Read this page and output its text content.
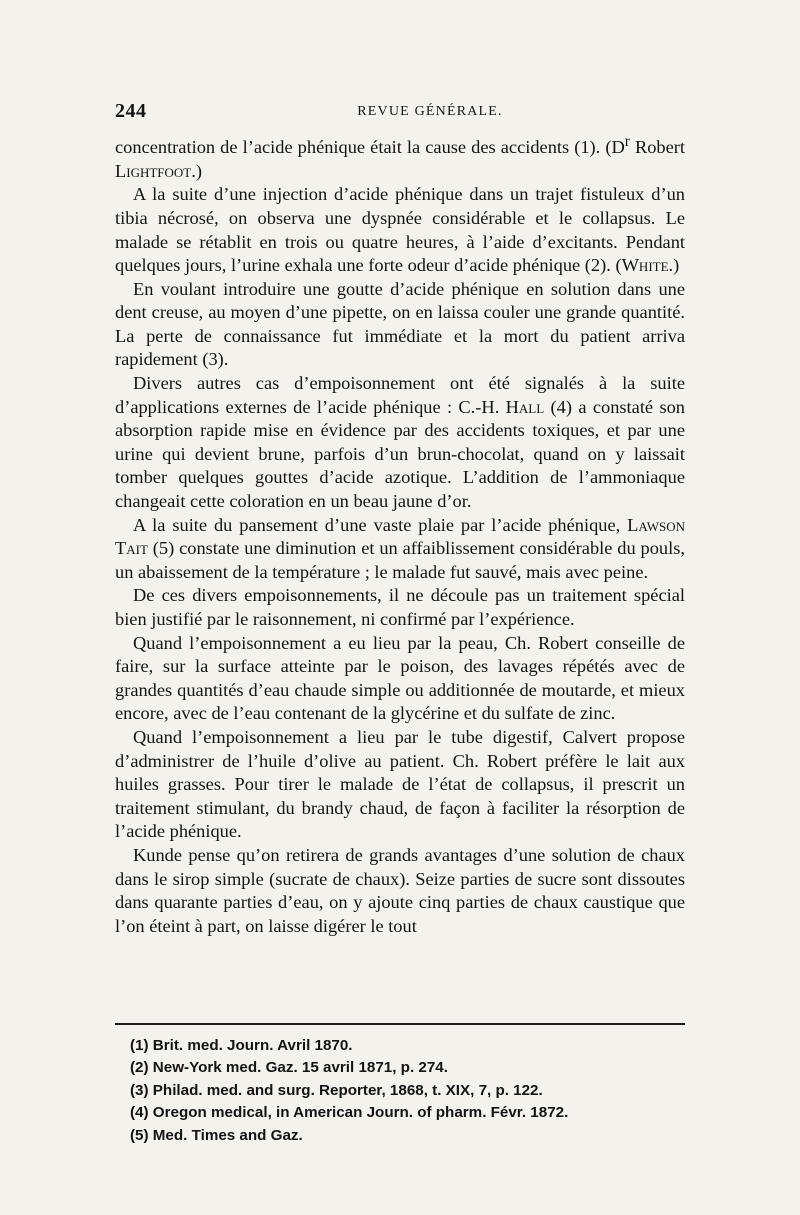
244	REVUE GÉNÉRALE.

concentration de l’acide phénique était la cause des accidents (1). ($D^r$ Robert Lightfoot.)

A la suite d’une injection d’acide phénique dans un trajet fistuleux d’un tibia nécrosé, on observa une dyspnée considérable et le collapsus. Le malade se rétablit en trois ou quatre heures, à l’aide d’excitants. Pendant quelques jours, l’urine exhala une forte odeur d’acide phénique (2). (White.)

En voulant introduire une goutte d’acide phénique en solution dans une dent creuse, au moyen d’une pipette, on en laissa couler une grande quantité. La perte de connaissance fut immédiate et la mort du patient arriva rapidement (3).

Divers autres cas d’empoisonnement ont été signalés à la suite d’applications externes de l’acide phénique : C.-H. Hall (4) a constaté son absorption rapide mise en évidence par des accidents toxiques, et par une urine qui devient brune, parfois d’un brun-chocolat, quand on y laissait tomber quelques gouttes d’acide azotique. L’addition de l’ammoniaque changeait cette coloration en un beau jaune d’or.

A la suite du pansement d’une vaste plaie par l’acide phénique, Lawson Tait (5) constate une diminution et un affaiblissement considérable du pouls, un abaissement de la température ; le malade fut sauvé, mais avec peine.

De ces divers empoisonnements, il ne découle pas un traitement spécial bien justifié par le raisonnement, ni confirmé par l’expérience.

Quand l’empoisonnement a eu lieu par la peau, Ch. Robert conseille de faire, sur la surface atteinte par le poison, des lavages répétés avec de grandes quantités d’eau chaude simple ou additionnée de moutarde, et mieux encore, avec de l’eau contenant de la glycérine et du sulfate de zinc.

Quand l’empoisonnement a lieu par le tube digestif, Calvert propose d’administrer de l’huile d’olive au patient. Ch. Robert préfère le lait aux huiles grasses. Pour tirer le malade de l’état de collapsus, il prescrit un traitement stimulant, du brandy chaud, de façon à faciliter la résorption de l’acide phénique.

Kunde pense qu’on retirera de grands avantages d’une solution de chaux dans le sirop simple (sucrate de chaux). Seize parties de sucre sont dissoutes dans quarante parties d’eau, on y ajoute cinq parties de chaux caustique que l’on éteint à part, on laisse digérer le tout

(1) Brit. med. Journ. Avril 1870.
(2) New-York med. Gaz. 15 avril 1871, p. 274.
(3) Philad. med. and surg. Reporter, 1868, t. XIX, 7, p. 122.
(4) Oregon medical, in American Journ. of pharm. Févr. 1872.
(5) Med. Times and Gaz.
